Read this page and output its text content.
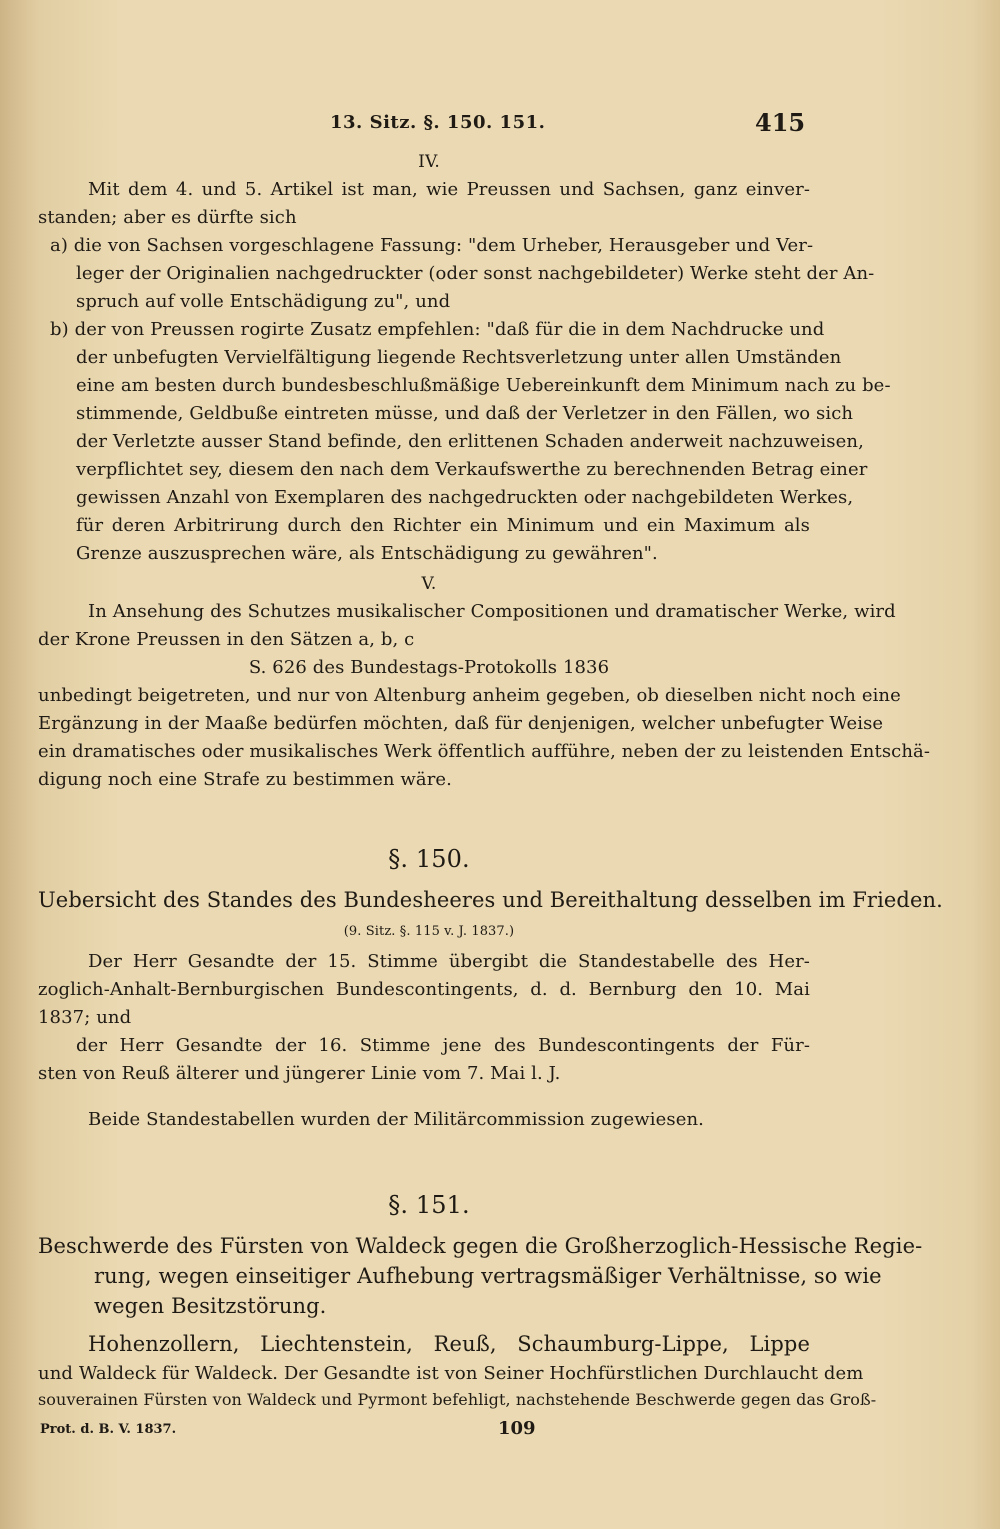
13. Sitz. §. 150. 151.	415
IV.
Mit dem 4. und 5. Artikel ist man, wie Preussen und Sachsen, ganz einver-
standen; aber es dürfte sich
a) die von Sachsen vorgeschlagene Fassung: "dem Urheber, Herausgeber und Ver-
leger der Originalien nachgedruckter (oder sonst nachgebildeter) Werke steht der An-
spruch auf volle Entschädigung zu", und
b) der von Preussen rogirte Zusatz empfehlen: "daß für die in dem Nachdrucke und
der unbefugten Vervielfältigung liegende Rechtsverletzung unter allen Umständen
eine am besten durch bundesbeschlußmäßige Uebereinkunft dem Minimum nach zu be-
stimmende, Geldbuße eintreten müsse, und daß der Verletzer in den Fällen, wo sich
der Verletzte ausser Stand befinde, den erlittenen Schaden anderweit nachzuweisen,
verpflichtet sey, diesem den nach dem Verkaufswerthe zu berechnenden Betrag einer
gewissen Anzahl von Exemplaren des nachgedruckten oder nachgebildeten Werkes,
für deren Arbitrirung durch den Richter ein Minimum und ein Maximum als
Grenze auszusprechen wäre, als Entschädigung zu gewähren".
V.
In Ansehung des Schutzes musikalischer Compositionen und dramatischer Werke, wird
der Krone Preussen in den Sätzen a, b, c
S. 626 des Bundestags-Protokolls 1836
unbedingt beigetreten, und nur von Altenburg anheim gegeben, ob dieselben nicht noch eine
Ergänzung in der Maaße bedürfen möchten, daß für denjenigen, welcher unbefugter Weise
ein dramatisches oder musikalisches Werk öffentlich aufführe, neben der zu leistenden Entschä-
digung noch eine Strafe zu bestimmen wäre.
§. 150.
Uebersicht des Standes des Bundesheeres und Bereithaltung desselben im Frieden.
(9. Sitz. §. 115 v. J. 1837.)
Der Herr Gesandte der 15. Stimme übergibt die Standestabelle des Her-
zoglich-Anhalt-Bernburgischen Bundescontingents, d. d. Bernburg den 10. Mai
1837; und
der Herr Gesandte der 16. Stimme jene des Bundescontingents der Für-
sten von Reuß älterer und jüngerer Linie vom 7. Mai l. J.
Beide Standestabellen wurden der Militärcommission zugewiesen.
§. 151.
Beschwerde des Fürsten von Waldeck gegen die Großherzoglich-Hessische Regie-
rung, wegen einseitiger Aufhebung vertragsmäßiger Verhältnisse, so wie
wegen Besitzstörung.
Hohenzollern, Liechtenstein, Reuß, Schaumburg-Lippe, Lippe
und Waldeck für Waldeck. Der Gesandte ist von Seiner Hochfürstlichen Durchlaucht dem
souverainen Fürsten von Waldeck und Pyrmont befehligt, nachstehende Beschwerde gegen das Groß-
Prot. d. B. V. 1837.	109
